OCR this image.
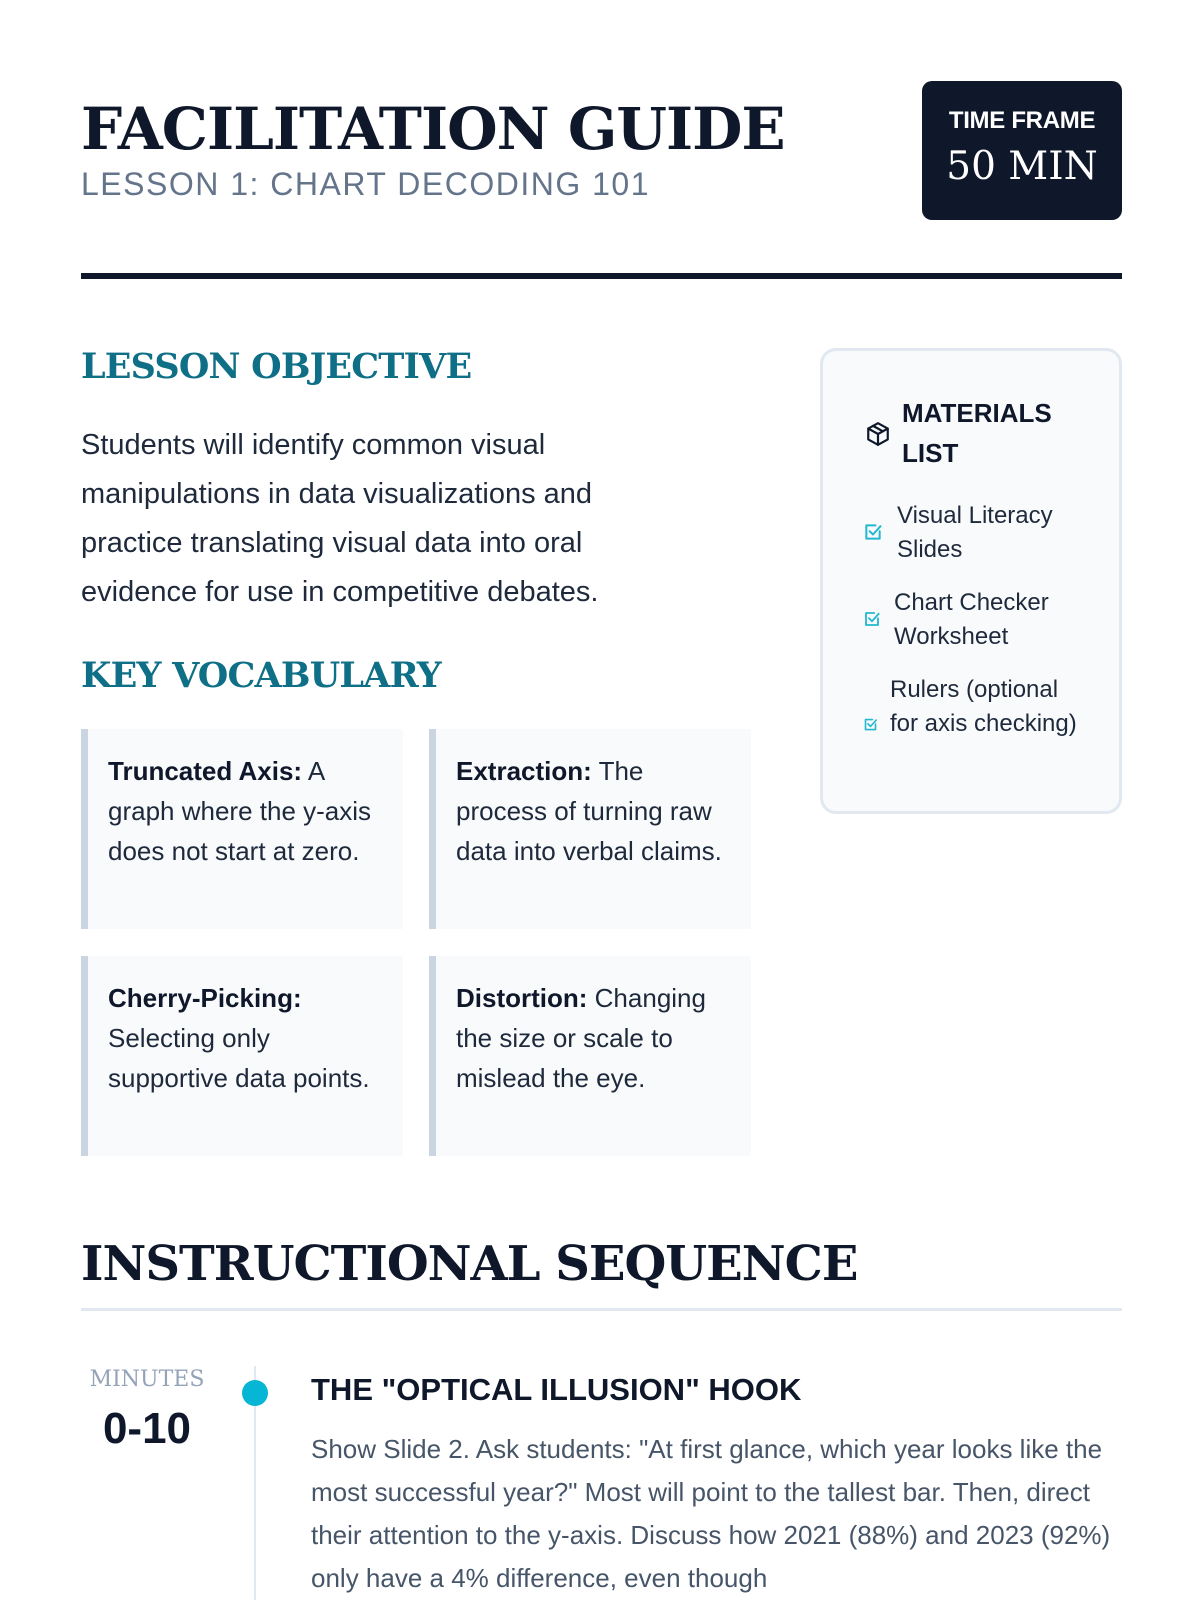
FACILITATION GUIDE
LESSON 1: CHART DECODING 101
TIME FRAME
50 MIN
LESSON OBJECTIVE

Students will identify common visual manipulations in data visualizations and practice translating visual data into oral evidence for use in competitive debates.

KEY VOCABULARY
Truncated Axis: A graph where the y-axis does not start at zero.
Extraction: The process of turning raw data into verbal claims.
Cherry-Picking: Selecting only supportive data points.
Distortion: Changing the size or scale to mislead the eye.
MATERIALS LIST
Visual Literacy Slides
Chart Checker Worksheet
Rulers (optional for axis checking)
INSTRUCTIONAL SEQUENCE
MINUTES
0-10
THE "OPTICAL ILLUSION" HOOK

Show Slide 2. Ask students: "At first glance, which year looks like the most successful year?" Most will point to the tallest bar. Then, direct their attention to the y-axis. Discuss how 2021 (88%) and 2023 (92%) only have a 4% difference, even though
